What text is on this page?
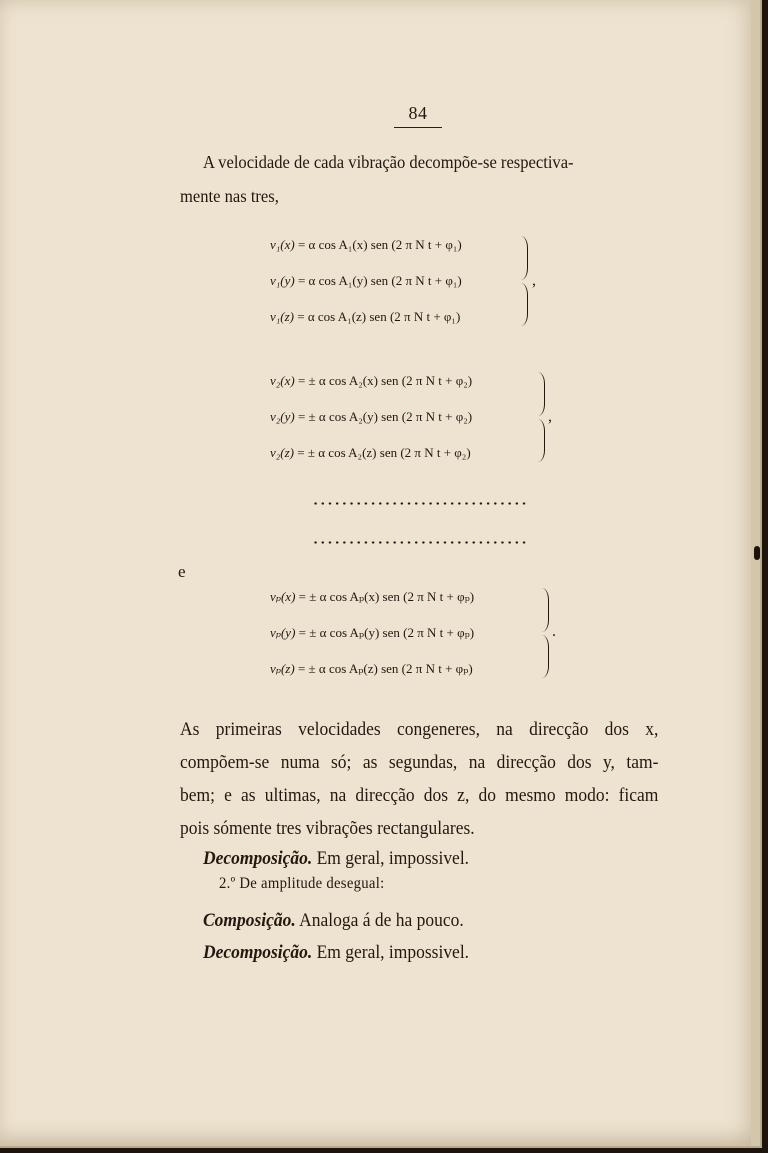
84
A velocidade de cada vibração decompõe-se respectiva-
mente nas tres,
v₁(x) = α cos A₁(x) sen (2 π N t + φ₁)
v₁(y) = α cos A₁(y) sen (2 π N t + φ₁)
v₁(z) = α cos A₁(z) sen (2 π N t + φ₁)
,
v₂(x) = ± α cos A₂(x) sen (2 π N t + φ₂)
v₂(y) = ± α cos A₂(y) sen (2 π N t + φ₂)
v₂(z) = ± α cos A₂(z) sen (2 π N t + φ₂)
,
e
vₚ(x) = ± α cos Aₚ(x) sen (2 π N t + φₚ)
vₚ(y) = ± α cos Aₚ(y) sen (2 π N t + φₚ)
vₚ(z) = ± α cos Aₚ(z) sen (2 π N t + φₚ)
.
As primeiras velocidades congeneres, na direcção dos x,
compõem-se numa só; as segundas, na direcção dos y, tam-
bem; e as ultimas, na direcção dos z, do mesmo modo: ficam
pois sómente tres vibrações rectangulares.
Decomposição. Em geral, impossivel.
2.º De amplitude desegual:
Composição. Analoga á de ha pouco.
Decomposição. Em geral, impossivel.
